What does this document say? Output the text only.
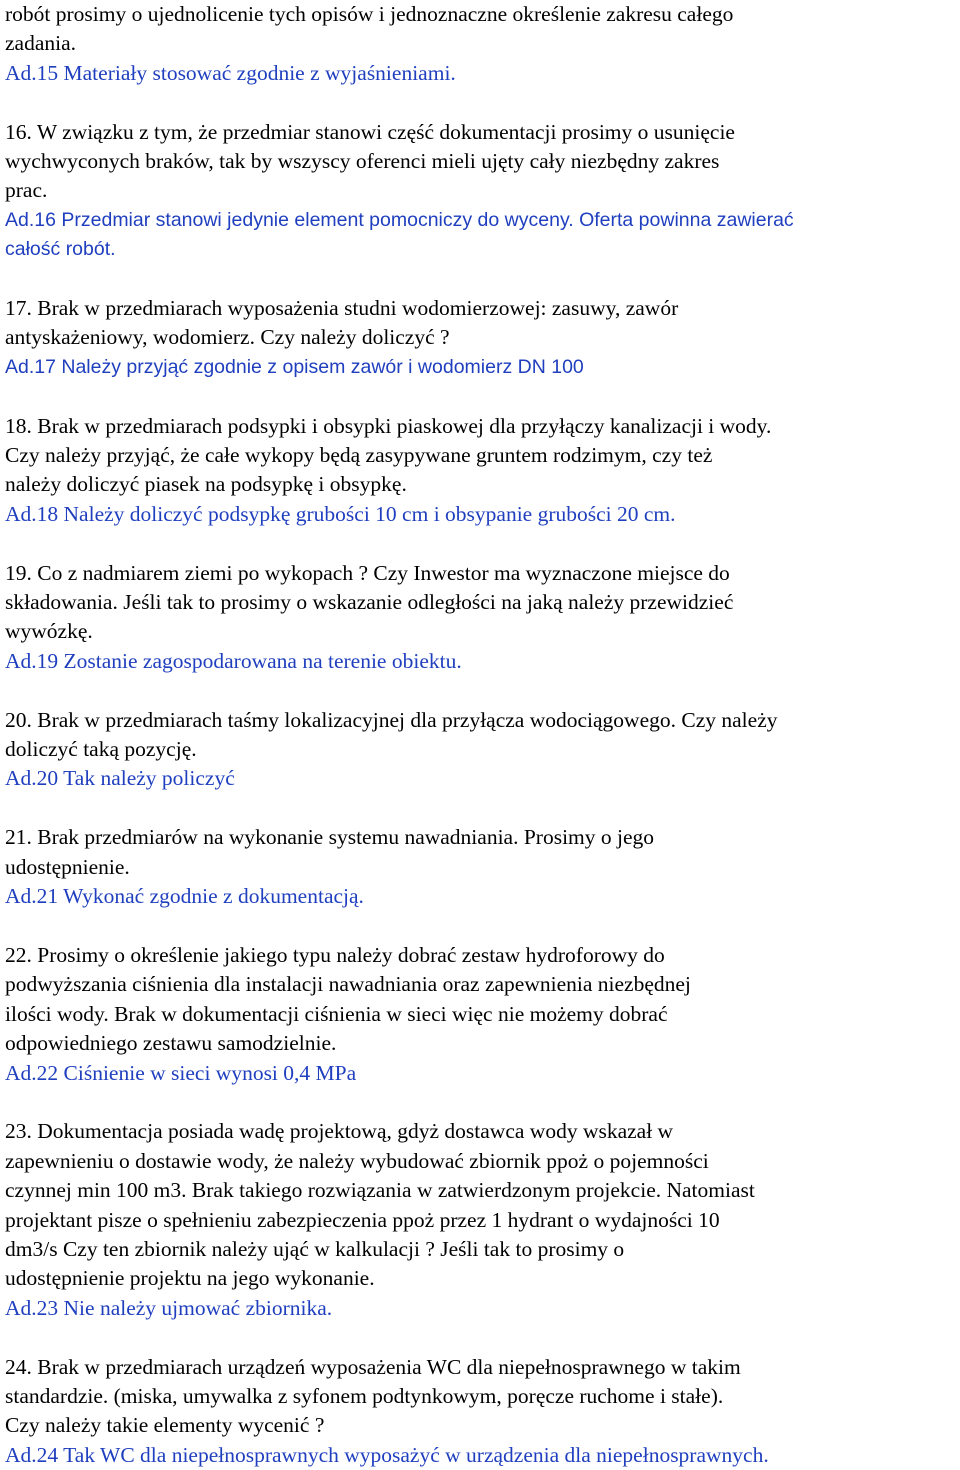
robót prosimy o ujednolicenie tych opisów i jednoznaczne określenie zakresu całego
zadania.
Ad.15 Materiały stosować zgodnie z wyjaśnieniami.
16. W związku z tym, że przedmiar stanowi część dokumentacji prosimy o usunięcie
wychwyconych braków, tak by wszyscy oferenci mieli ujęty cały niezbędny zakres
prac.
Ad.16 Przedmiar stanowi jedynie element pomocniczy do wyceny. Oferta powinna zawierać
całość robót.
17. Brak w przedmiarach wyposażenia studni wodomierzowej: zasuwy, zawór
antyskażeniowy, wodomierz. Czy należy doliczyć ?
Ad.17 Należy przyjąć zgodnie z opisem zawór i wodomierz DN 100
18. Brak w przedmiarach podsypki i obsypki piaskowej dla przyłączy kanalizacji i wody.
Czy należy przyjąć, że całe wykopy będą zasypywane gruntem rodzimym, czy też
należy doliczyć piasek na podsypkę i obsypkę.
Ad.18 Należy doliczyć podsypkę grubości 10 cm i obsypanie grubości 20 cm.
19. Co z nadmiarem ziemi po wykopach ? Czy Inwestor ma wyznaczone miejsce do
składowania. Jeśli tak to prosimy o wskazanie odległości na jaką należy przewidzieć
wywózkę.
Ad.19 Zostanie zagospodarowana na terenie obiektu.
20. Brak w przedmiarach taśmy lokalizacyjnej dla przyłącza wodociągowego. Czy należy
doliczyć taką pozycję.
Ad.20 Tak należy policzyć
21. Brak przedmiarów na wykonanie systemu nawadniania. Prosimy o jego
udostępnienie.
Ad.21 Wykonać zgodnie z dokumentacją.
22. Prosimy o określenie jakiego typu należy dobrać zestaw hydroforowy do
podwyższania ciśnienia dla instalacji nawadniania oraz zapewnienia niezbędnej
ilości wody. Brak w dokumentacji ciśnienia w sieci więc nie możemy dobrać
odpowiedniego zestawu samodzielnie.
Ad.22 Ciśnienie w sieci wynosi 0,4 MPa
23. Dokumentacja posiada wadę projektową, gdyż dostawca wody wskazał w
zapewnieniu o dostawie wody, że należy wybudować zbiornik ppoż o pojemności
czynnej min 100 m3. Brak takiego rozwiązania w zatwierdzonym projekcie. Natomiast
projektant pisze o spełnieniu zabezpieczenia ppoż przez 1 hydrant o wydajności 10
dm3/s Czy ten zbiornik należy ująć w kalkulacji ? Jeśli tak to prosimy o
udostępnienie projektu na jego wykonanie.
Ad.23 Nie należy ujmować zbiornika.
24. Brak w przedmiarach urządzeń wyposażenia WC dla niepełnosprawnego w takim
standardzie. (miska, umywalka z syfonem podtynkowym, poręcze ruchome i stałe).
Czy należy takie elementy wycenić ?
Ad.24 Tak WC dla niepełnosprawnych wyposażyć w urządzenia dla niepełnosprawnych.
